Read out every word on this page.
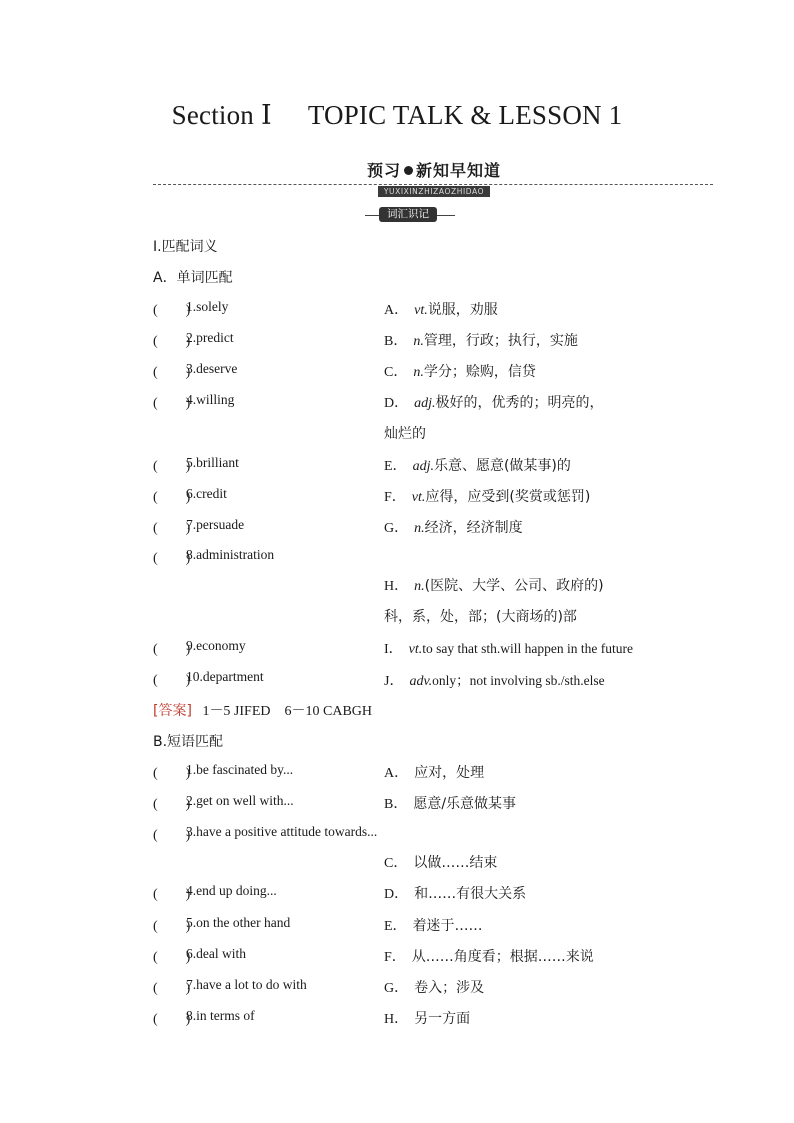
Section Ⅰ TOPIC TALK & LESSON 1
预习 新知早知道
YUXIXINZHIZAOZHIDAO
词汇识记
Ⅰ.匹配词义
A．单词匹配
(　　)
1.solely	A． vt.说服，劝服
(　　)
2.predict	B． n.管理，行政；执行，实施
(　　)
3.deserve	C． n.学分；赊购，信贷
(　　)
4.willing	D． adj.极好的，优秀的；明亮的，
灿烂的
(　　)
5.brilliant	E． adj.乐意、愿意(做某事)的
(　　)
6.credit	F． vt.应得，应受到(奖赏或惩罚)
(　　)
7.persuade	G． n.经济，经济制度
(　　)
8.administration
H． n.(医院、大学、公司、政府的)
科，系，处，部；(大商场的)部
(　　)
9.economy	I． vt.to say that sth.will happen in the future
(　　)
10.department	J． adv.only；not involving sb./sth.else
[答案] 1－5 JIFED　6－10 CABGH
B.短语匹配
(　　)
1.be fascinated by...	A． 应对，处理
(　　)
2.get on well with...	B． 愿意/乐意做某事
(　　)
3.have a positive attitude towards...
C． 以做……结束
(　　)
4.end up doing...	D． 和……有很大关系
(　　)
5.on the other hand	E． 着迷于……
(　　)
6.deal with	F． 从……角度看；根据……来说
(　　)
7.have a lot to do with	G． 卷入；涉及
(　　)
8.in terms of	H． 另一方面
